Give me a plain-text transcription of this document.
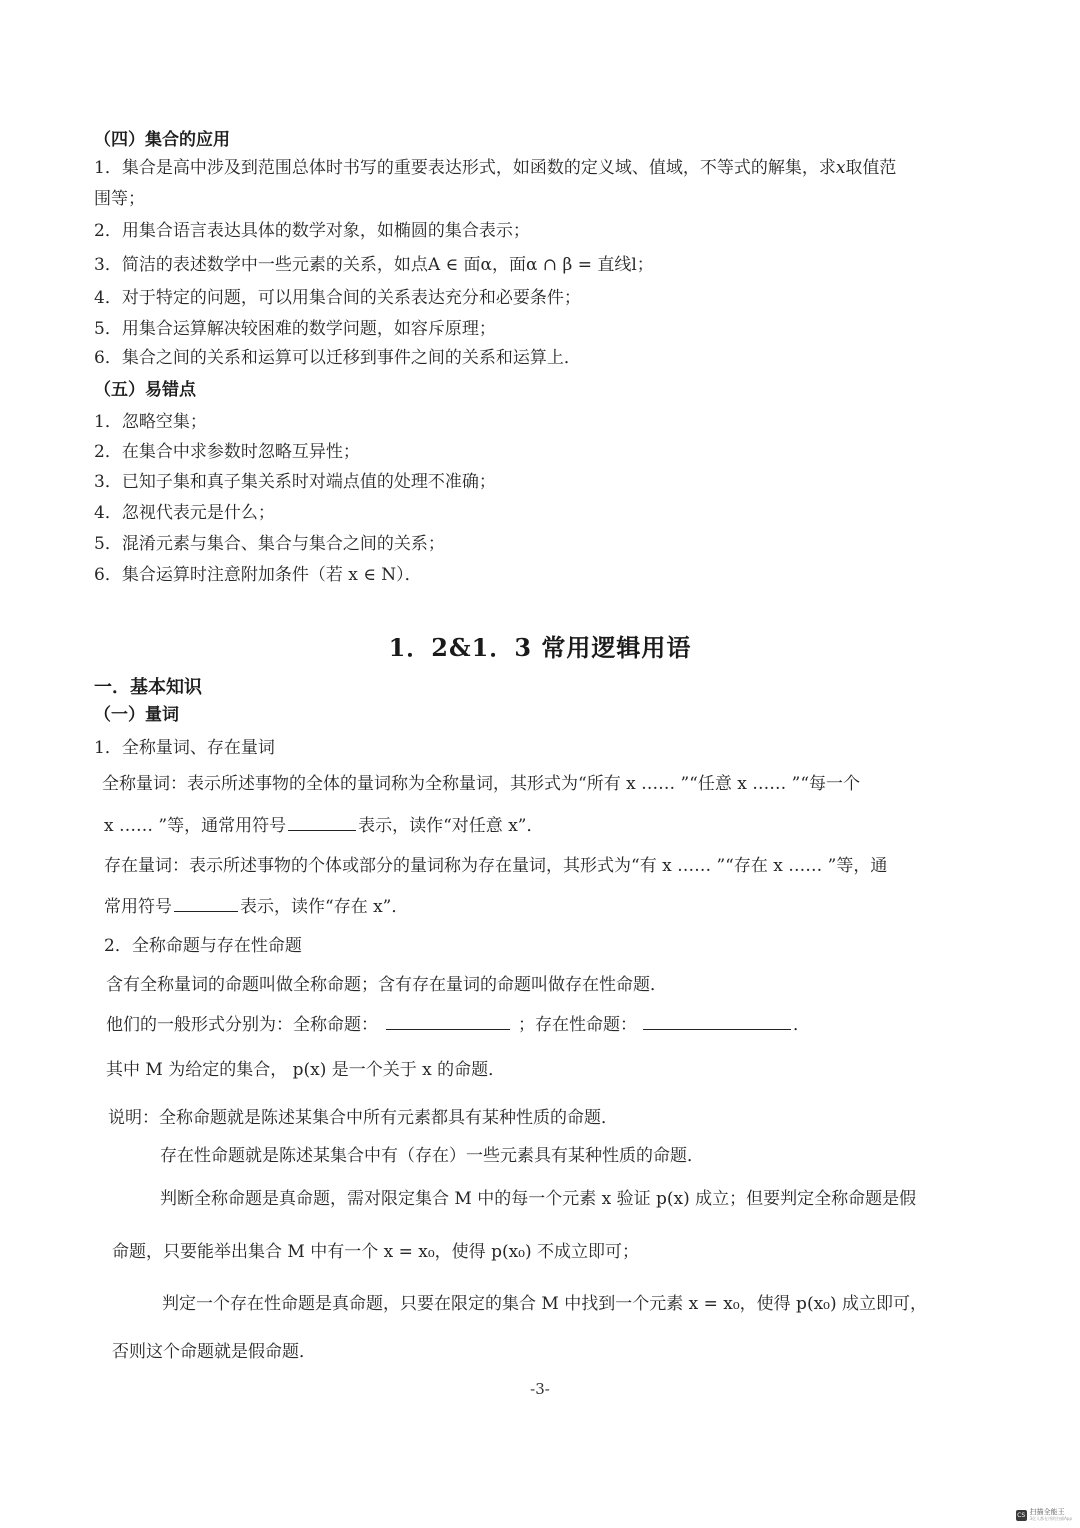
（四）集合的应用
1．集合是高中涉及到范围总体时书写的重要表达形式，如函数的定义域、值域，不等式的解集，求x取值范
围等；
2．用集合语言表达具体的数学对象，如椭圆的集合表示；
3．简洁的表述数学中一些元素的关系，如点A ∈ 面α，面α ∩ β = 直线l；
4．对于特定的问题，可以用集合间的关系表达充分和必要条件；
5．用集合运算解决较困难的数学问题，如容斥原理；
6．集合之间的关系和运算可以迁移到事件之间的关系和运算上．
（五）易错点
1．忽略空集；
2．在集合中求参数时忽略互异性；
3．已知子集和真子集关系时对端点值的处理不准确；
4．忽视代表元是什么；
5．混淆元素与集合、集合与集合之间的关系；
6．集合运算时注意附加条件（若 x ∈ N）．
1．2&1．3 常用逻辑用语
一．基本知识
（一）量词
1．全称量词、存在量词
全称量词：表示所述事物的全体的量词称为全称量词，其形式为“所有 x …… ”“任意 x …… ”“每一个
x …… ”等，通常用符号	表示，读作“对任意 x”．
存在量词：表示所述事物的个体或部分的量词称为存在量词，其形式为“有 x …… ”“存在 x …… ”等，通
常用符号	表示，读作“存在 x”．
2．全称命题与存在性命题
含有全称量词的命题叫做全称命题；含有存在量词的命题叫做存在性命题．
他们的一般形式分别为：全称命题：	；存在性命题：	．
其中 M 为给定的集合， p(x) 是一个关于 x 的命题．
说明：全称命题就是陈述某集合中所有元素都具有某种性质的命题．
存在性命题就是陈述某集合中有（存在）一些元素具有某种性质的命题．
判断全称命题是真命题，需对限定集合 M 中的每一个元素 x 验证 p(x) 成立；但要判定全称命题是假
命题，只要能举出集合 M 中有一个 x = x₀，使得 p(x₀) 不成立即可；
判定一个存在性命题是真命题，只要在限定的集合 M 中找到一个元素 x = x₀，使得 p(x₀) 成立即可，
否则这个命题就是假命题．
-3-
CS 扫描全能王
3亿人都在用的扫描App
